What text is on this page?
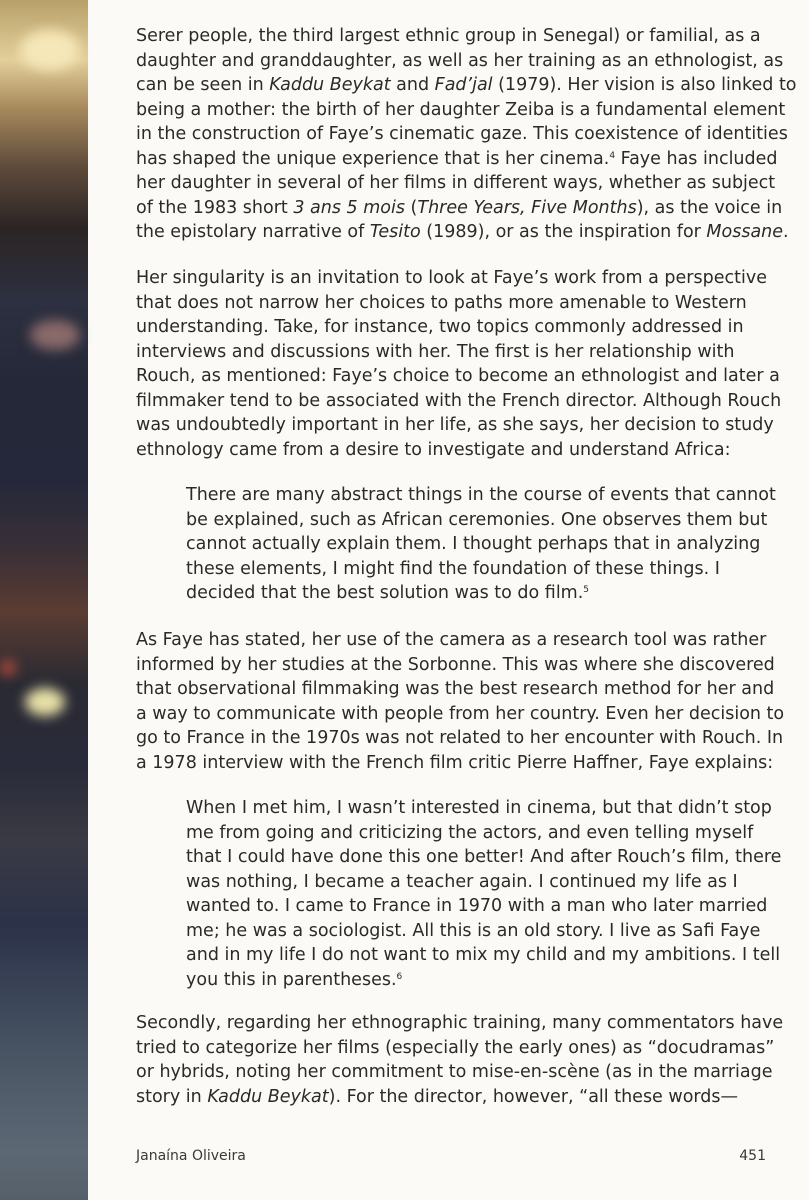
Serer people, the third largest ethnic group in Senegal) or familial, as a
daughter and granddaughter, as well as her training as an ethnologist, as
can be seen in Kaddu Beykat and Fad’jal (1979). Her vision is also linked to
being a mother: the birth of her daughter Zeiba is a fundamental element
in the construction of Faye’s cinematic gaze. This coexistence of identities
has shaped the unique experience that is her cinema.$^4$ Faye has included
her daughter in several of her films in different ways, whether as subject
of the 1983 short 3 ans 5 mois (Three Years, Five Months), as the voice in
the epistolary narrative of Tesito (1989), or as the inspiration for Mossane.

Her singularity is an invitation to look at Faye’s work from a perspective
that does not narrow her choices to paths more amenable to Western
understanding. Take, for instance, two topics commonly addressed in
interviews and discussions with her. The first is her relationship with
Rouch, as mentioned: Faye’s choice to become an ethnologist and later a
filmmaker tend to be associated with the French director. Although Rouch
was undoubtedly important in her life, as she says, her decision to study
ethnology came from a desire to investigate and understand Africa:

There are many abstract things in the course of events that cannot
be explained, such as African ceremonies. One observes them but
cannot actually explain them. I thought perhaps that in analyzing
these elements, I might find the foundation of these things. I
decided that the best solution was to do film.$^5$

As Faye has stated, her use of the camera as a research tool was rather
informed by her studies at the Sorbonne. This was where she discovered
that observational filmmaking was the best research method for her and
a way to communicate with people from her country. Even her decision to
go to France in the 1970s was not related to her encounter with Rouch. In
a 1978 interview with the French film critic Pierre Haffner, Faye explains:

When I met him, I wasn’t interested in cinema, but that didn’t stop
me from going and criticizing the actors, and even telling myself
that I could have done this one better! And after Rouch’s film, there
was nothing, I became a teacher again. I continued my life as I
wanted to. I came to France in 1970 with a man who later married
me; he was a sociologist. All this is an old story. I live as Safi Faye
and in my life I do not want to mix my child and my ambitions. I tell
you this in parentheses.$^6$

Secondly, regarding her ethnographic training, many commentators have
tried to categorize her films (especially the early ones) as “docudramas”
or hybrids, noting her commitment to mise-en-scène (as in the marriage
story in Kaddu Beykat). For the director, however, “all these words—

Janaína Oliveira	451
